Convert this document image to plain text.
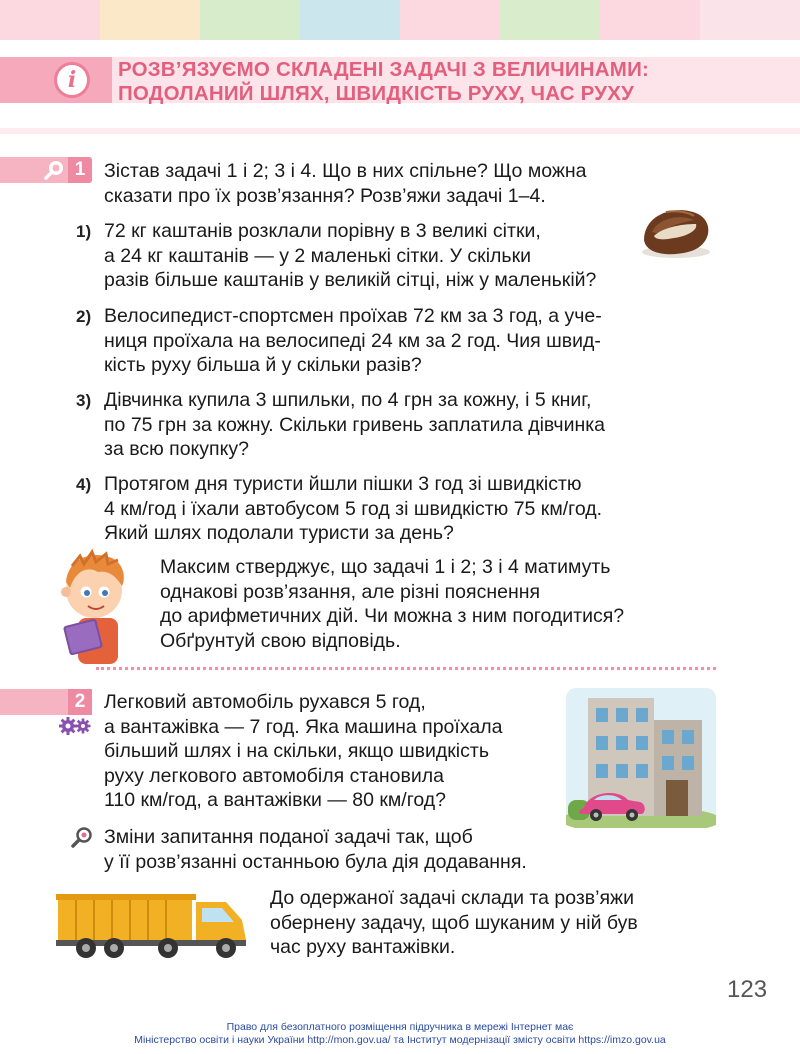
i РОЗВ’ЯЗУЄМО СКЛАДЕНІ ЗАДАЧІ З ВЕЛИЧИНАМИ:
ПОДОЛАНИЙ ШЛЯХ, ШВИДКІСТЬ РУХУ, ЧАС РУХУ
1 Зістав задачі 1 і 2; 3 і 4. Що в них спільне? Що можна
сказати про їх розв’язання? Розв’яжи задачі 1–4.
1) 72 кг каштанів розклали порівну в 3 великі сітки,
а 24 кг каштанів — у 2 маленькі сітки. У скільки
разів більше каштанів у великій сітці, ніж у маленькій?
2) Велосипедист-спортсмен проїхав 72 км за 3 год, а уче-
ниця проїхала на велосипеді 24 км за 2 год. Чия швид-
кість руху більша й у скільки разів?
3) Дівчинка купила 3 шпильки, по 4 грн за кожну, і 5 книг,
по 75 грн за кожну. Скільки гривень заплатила дівчинка
за всю покупку?
4) Протягом дня туристи йшли пішки 3 год зі швидкістю
4 км/год і їхали автобусом 5 год зі швидкістю 75 км/год.
Який шлях подолали туристи за день?
Максим стверджує, що задачі 1 і 2; 3 і 4 матимуть
однакові розв’язання, але різні пояснення
до арифметичних дій. Чи можна з ним погодитися?
Обґрунтуй свою відповідь.
2 Легковий автомобіль рухався 5 год,
а вантажівка — 7 год. Яка машина проїхала
більший шлях і на скільки, якщо швидкість
руху легкового автомобіля становила
110 км/год, а вантажівки — 80 км/год?
Зміни запитання поданої задачі так, щоб
у її розв’язанні останньою була дія додавання.
До одержаної задачі склади та розв’яжи
обернену задачу, щоб шуканим у ній був
час руху вантажівки.
123
Право для безоплатного розміщення підручника в мережі Інтернет має
Міністерство освіти і науки України http://mon.gov.ua/ та Інститут модернізації змісту освіти https://imzo.gov.ua
